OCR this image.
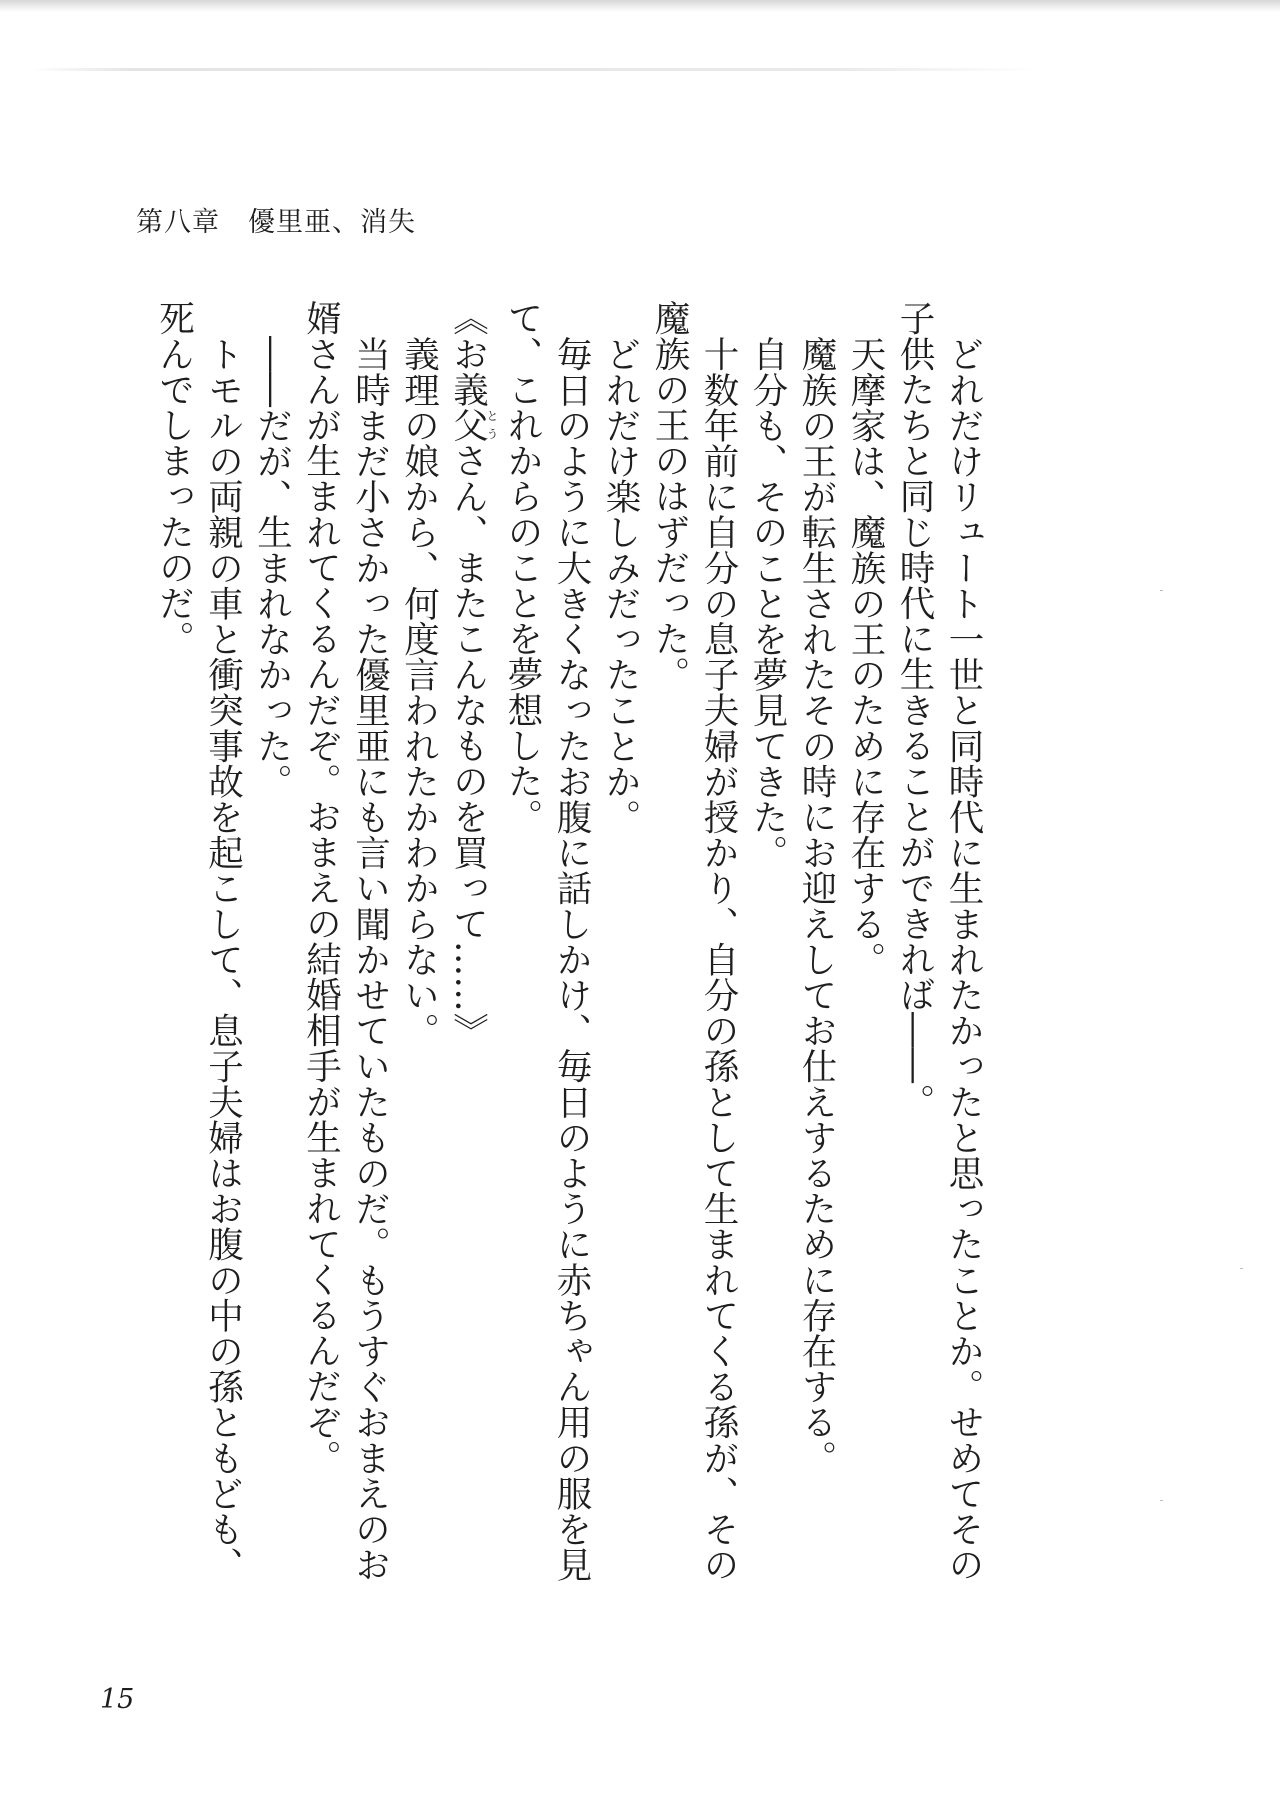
第八章　優里亜、消失

どれだけリュート一世と同時代に生まれたかったと思ったことか。せめてその子供たちと同じ時代に生きることができれば――。

天摩家は、魔族の王のために存在する。

魔族の王が転生されたその時にお迎えしてお仕えするために存在する。

自分も、そのことを夢見てきた。

十数年前に自分の息子夫婦が授かり、自分の孫として生まれてくる孫が、その魔族の王のはずだった。

どれだけ楽しみだったことか。

毎日のように大きくなったお腹に話しかけ、毎日のように赤ちゃん用の服を見て、これからのことを夢想した。

《お義父とうさん、またこんなものを買って……》

義理の娘から、何度言われたかわからない。

当時まだ小さかった優里亜にも言い聞かせていたものだ。もうすぐおまえのお婿さんが生まれてくるんだぞ。おまえの結婚相手が生まれてくるんだぞ。

――だが、生まれなかった。

トモルの両親の車と衝突事故を起こして、息子夫婦はお腹の中の孫ともども、死んでしまったのだ。

15
